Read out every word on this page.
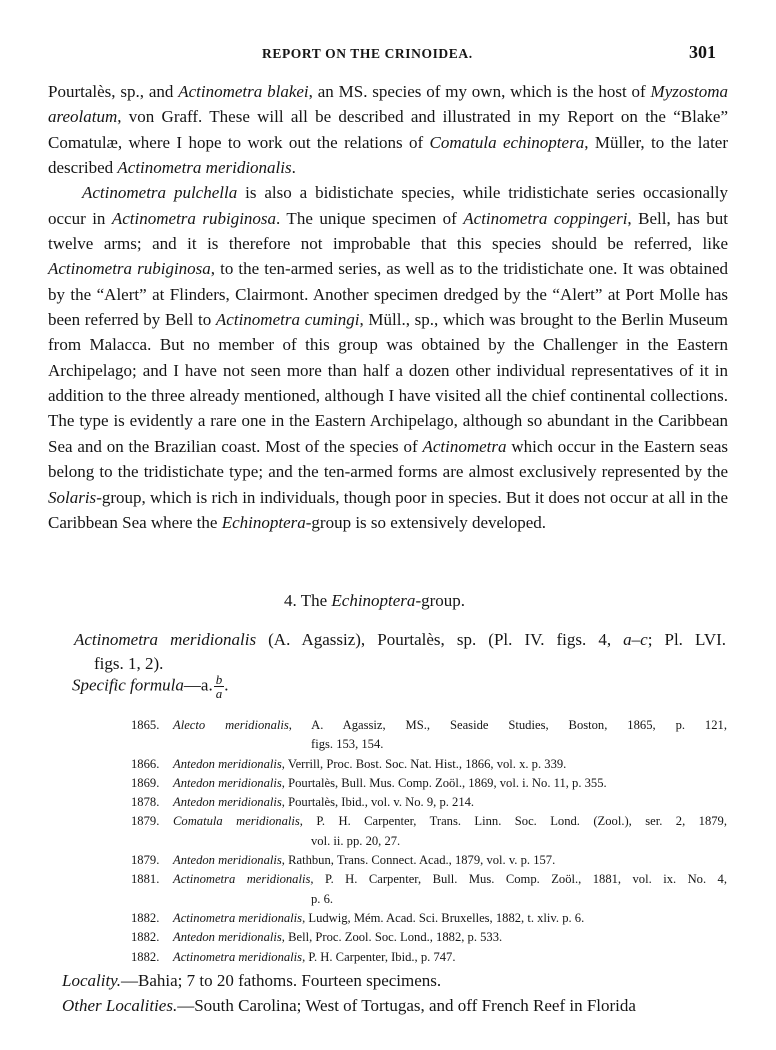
REPORT ON THE CRINOIDEA.	301

Pourtalès, sp., and Actinometra blakei, an MS. species of my own, which is the host of Myzostoma areolatum, von Graff. These will all be described and illustrated in my Report on the “Blake” Comatulæ, where I hope to work out the relations of Comatula echinoptera, Müller, to the later described Actinometra meridionalis.

Actinometra pulchella is also a bidistichate species, while tridistichate series occasionally occur in Actinometra rubiginosa. The unique specimen of Actinometra coppingeri, Bell, has but twelve arms; and it is therefore not improbable that this species should be referred, like Actinometra rubiginosa, to the ten-armed series, as well as to the tridistichate one. It was obtained by the “Alert” at Flinders, Clairmont. Another specimen dredged by the “Alert” at Port Molle has been referred by Bell to Actinometra cumingi, Müll., sp., which was brought to the Berlin Museum from Malacca. But no member of this group was obtained by the Challenger in the Eastern Archipelago; and I have not seen more than half a dozen other individual representatives of it in addition to the three already mentioned, although I have visited all the chief continental collections. The type is evidently a rare one in the Eastern Archipelago, although so abundant in the Caribbean Sea and on the Brazilian coast. Most of the species of Actinometra which occur in the Eastern seas belong to the tridistichate type; and the ten-armed forms are almost exclusively represented by the Solaris-group, which is rich in individuals, though poor in species. But it does not occur at all in the Caribbean Sea where the Echinoptera-group is so extensively developed.

4. The Echinoptera-group.
Actinometra meridionalis (A. Agassiz), Pourtalès, sp. (Pl. IV. figs. 4, a–c; Pl. LVI.
figs. 1, 2).
Specific formula—a. $\frac{b}{a}$ .
1865. Alecto meridionalis, A. Agassiz, MS., Seaside Studies, Boston, 1865, p. 121,
figs. 153, 154.
1866. Antedon meridionalis, Verrill, Proc. Bost. Soc. Nat. Hist., 1866, vol. x. p. 339.
1869. Antedon meridionalis, Pourtalès, Bull. Mus. Comp. Zoöl., 1869, vol. i. No. 11, p. 355.
1878. Antedon meridionalis, Pourtalès, Ibid., vol. v. No. 9, p. 214.
1879. Comatula meridionalis, P. H. Carpenter, Trans. Linn. Soc. Lond. (Zool.), ser. 2, 1879,
vol. ii. pp. 20, 27.
1879. Antedon meridionalis, Rathbun, Trans. Connect. Acad., 1879, vol. v. p. 157.
1881. Actinometra meridionalis, P. H. Carpenter, Bull. Mus. Comp. Zoöl., 1881, vol. ix. No. 4,
p. 6.
1882. Actinometra meridionalis, Ludwig, Mém. Acad. Sci. Bruxelles, 1882, t. xliv. p. 6.
1882. Antedon meridionalis, Bell, Proc. Zool. Soc. Lond., 1882, p. 533.
1882. Actinometra meridionalis, P. H. Carpenter, Ibid., p. 747.
Locality.—Bahia; 7 to 20 fathoms. Fourteen specimens.
Other Localities.—South Carolina; West of Tortugas, and off French Reef in Florida
